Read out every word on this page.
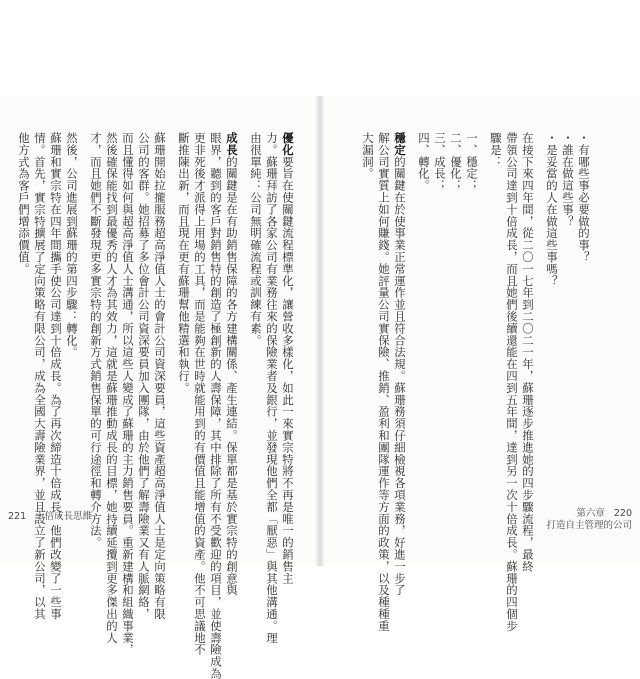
・有哪些事必要做的事？
・誰在做這些事？
・是妥當的人在做這些事嗎？
在接下來四年間，從二〇一七年到二〇二一年，蘇珊逐步推進她的四步驟流程，最終
帶領公司達到十倍成長，而且她們後續還能在四到五年間，達到另一次十倍成長。蘇珊的四個步
驟是：
一、穩定；
二、優化；
三、成長；
四、轉化。
穩定的關鍵在於使事業正常運作並且符合法規。蘇珊務須仔細檢視各項業務，好進一步了
解公司實質上如何賺錢。她評量公司實保險、推銷、盈利和團隊運作等方面的政策，以及種種重
大漏洞。
優化要旨在使關鍵流程標準化，讓營收多樣化，如此一來實宗特將不再是唯一的銷售主
力。蘇珊拜訪了各家公司有業務往來的保險業者及銀行，並發現他們全都「厭惡」與其他溝通。理
由很單純：公司無明確流程或訓練有素。
成長的關鍵是在有助銷售保障的各方建構關係、產生連結。保單都是基於實宗特的創意與
眼界，聽到的客戶對銷售特的創造了極創新的人壽保障，其中排除了所有不受歡迎的項目，並使壽險成為
更非死後才派得上用場的工具，而是能夠在世時就能用到的有價值且能增值的資產。他不可思議地不
斷推陳出新，而且現在更有蘇珊幫他精選和執行。
蘇珊開始拉攏服務超高淨值人士的會計公司資深要員，這些資產超高淨值人士是定向策略有限
公司的客群。她招募了多位會計公司資深要員加入團隊，由於他們了解壽險業又有人脈網絡，
而且懂得如何與超高淨值人士溝通，所以這些人變成了蘇珊的主力銷售要員。重新建構和組織事業，
然後確保能找到最優秀的人才為其效力，這就是蘇珊推動成長的目標，她持續延攬到更多傑出的人
才，而且她們不斷發現更多實宗特的創新方式銷售保單的可行途徑和轉介方法。
然後，公司進展到蘇珊的第四步驟：轉化。
蘇珊和實宗特在四年間攜手使公司達到十倍成長。為了再次締造十倍成長，他們改變了一些事
情。首先，實宗特擴展了定向策略有限公司，成為全國大壽險業界，並且設立了新公司，以其
他方式為客戶們增添價值。
221 十倍成長思維	第六章 220
打造自主管理的公司
